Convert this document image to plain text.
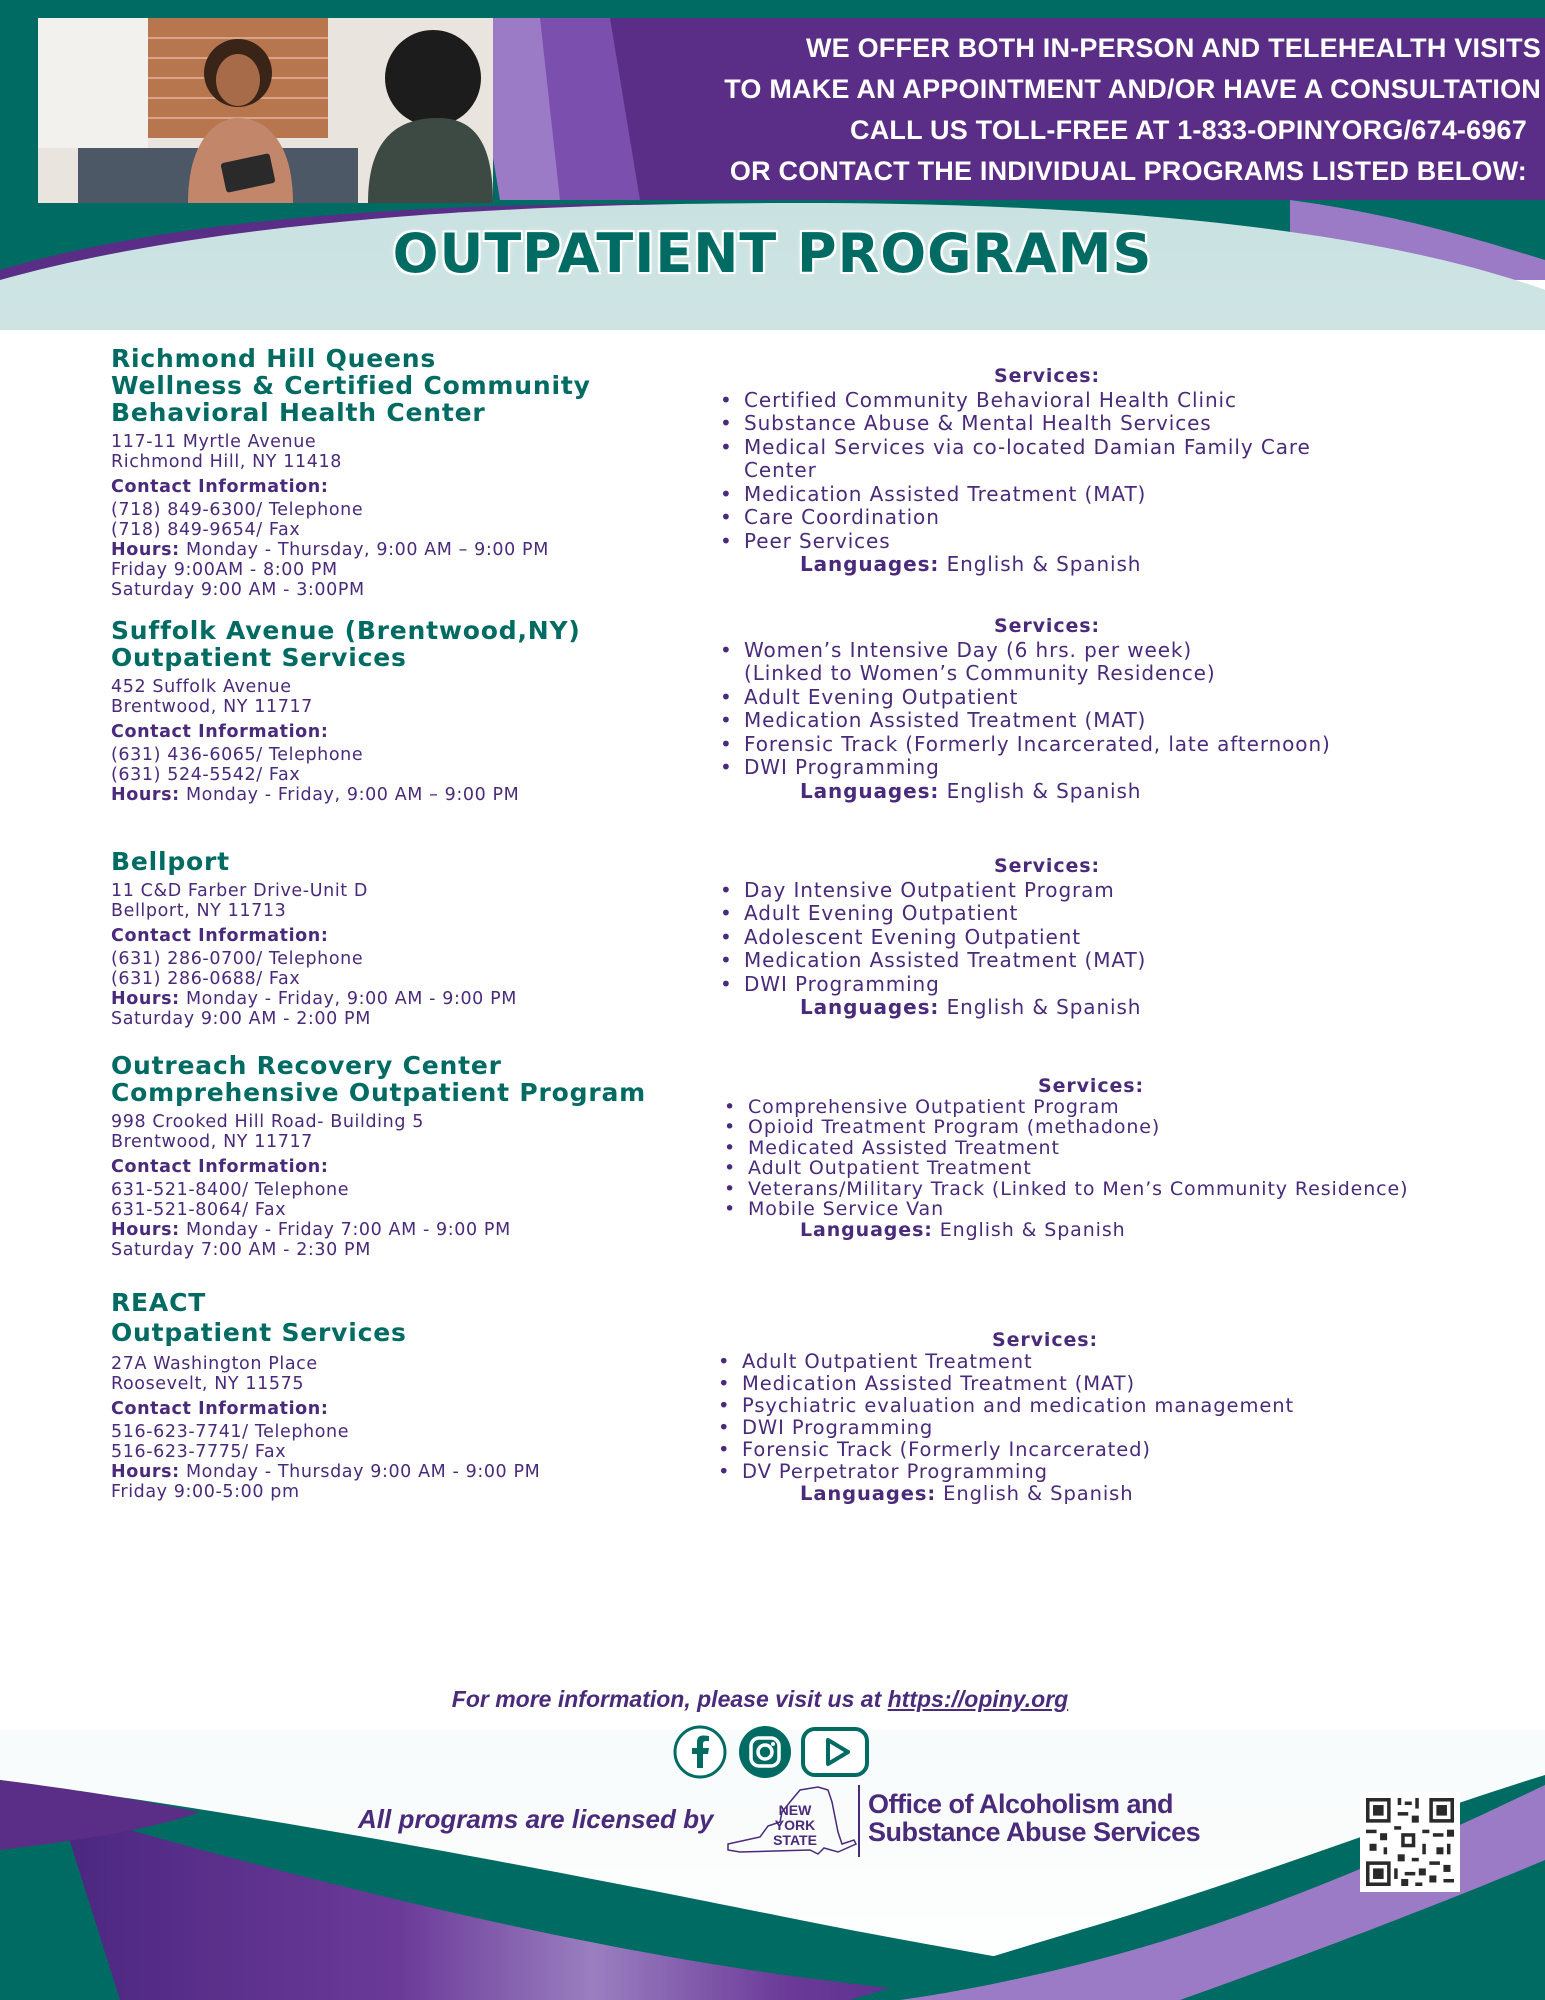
WE OFFER BOTH IN-PERSON AND TELEHEALTH VISITS
TO MAKE AN APPOINTMENT AND/OR HAVE A CONSULTATION
CALL US TOLL-FREE AT 1-833-OPINYORG/674-6967
OR CONTACT THE INDIVIDUAL PROGRAMS LISTED BELOW:
OUTPATIENT PROGRAMS
Richmond Hill Queens
Wellness & Certified Community
Behavioral Health Center
117-11 Myrtle Avenue
Richmond Hill, NY 11418
Contact Information:
(718) 849-6300/ Telephone
(718) 849-9654/ Fax
Hours: Monday - Thursday, 9:00 AM – 9:00 PM
Friday 9:00AM - 8:00 PM
Saturday 9:00 AM - 3:00PM
Services:
• Certified Community Behavioral Health Clinic
• Substance Abuse & Mental Health Services
• Medical Services via co-located Damian Family Care
Center
• Medication Assisted Treatment (MAT)
• Care Coordination
• Peer Services
Languages: English & Spanish
Suffolk Avenue (Brentwood,NY)
Outpatient Services
452 Suffolk Avenue
Brentwood, NY 11717
Contact Information:
(631) 436-6065/ Telephone
(631) 524-5542/ Fax
Hours: Monday - Friday, 9:00 AM – 9:00 PM
Services:
• Women’s Intensive Day (6 hrs. per week)
(Linked to Women’s Community Residence)
• Adult Evening Outpatient
• Medication Assisted Treatment (MAT)
• Forensic Track (Formerly Incarcerated, late afternoon)
• DWI Programming
Languages: English & Spanish
Bellport
11 C&D Farber Drive-Unit D
Bellport, NY 11713
Contact Information:
(631) 286-0700/ Telephone
(631) 286-0688/ Fax
Hours: Monday - Friday, 9:00 AM - 9:00 PM
Saturday 9:00 AM - 2:00 PM
Services:
• Day Intensive Outpatient Program
• Adult Evening Outpatient
• Adolescent Evening Outpatient
• Medication Assisted Treatment (MAT)
• DWI Programming
Languages: English & Spanish
Outreach Recovery Center
Comprehensive Outpatient Program
998 Crooked Hill Road- Building 5
Brentwood, NY 11717
Contact Information:
631-521-8400/ Telephone
631-521-8064/ Fax
Hours: Monday - Friday 7:00 AM - 9:00 PM
Saturday 7:00 AM - 2:30 PM
Services:
• Comprehensive Outpatient Program
• Opioid Treatment Program (methadone)
• Medicated Assisted Treatment
• Adult Outpatient Treatment
• Veterans/Military Track (Linked to Men’s Community Residence)
• Mobile Service Van
Languages: English & Spanish
REACT
Outpatient Services
27A Washington Place
Roosevelt, NY 11575
Contact Information:
516-623-7741/ Telephone
516-623-7775/ Fax
Hours: Monday - Thursday 9:00 AM - 9:00 PM
Friday 9:00-5:00 pm
Services:
• Adult Outpatient Treatment
• Medication Assisted Treatment (MAT)
• Psychiatric evaluation and medication management
• DWI Programming
• Forensic Track (Formerly Incarcerated)
• DV Perpetrator Programming
Languages: English & Spanish
For more information, please visit us at https://opiny.org
All programs are licensed by	NEW
YORK
STATE
Office of Alcoholism and
Substance Abuse Services
